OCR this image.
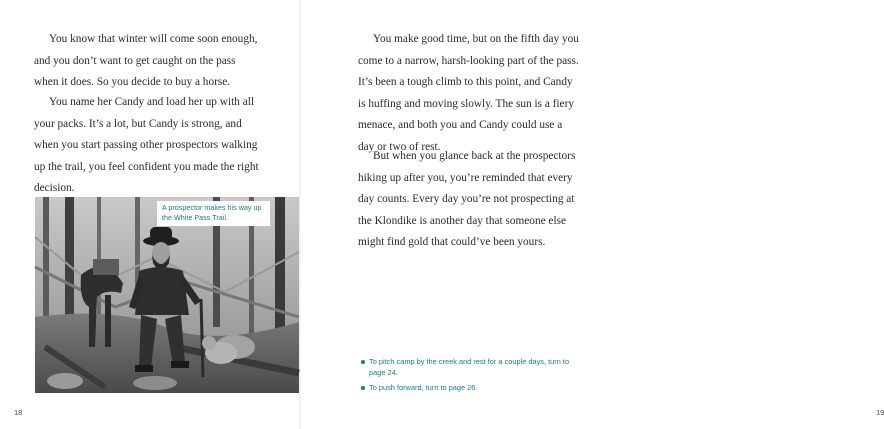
You know that winter will come soon enough, and you don’t want to get caught on the pass when it does. So you decide to buy a horse.

You name her Candy and load her up with all your packs. It’s a lot, but Candy is strong, and when you start passing other prospectors walking up the trail, you feel confident you made the right decision.

18
A prospector makes his way up the White Pass Trail.

You make good time, but on the fifth day you come to a narrow, harsh-looking part of the pass. It’s been a tough climb to this point, and Candy is huffing and moving slowly. The sun is a fiery menace, and both you and Candy could use a day or two of rest.

But when you glance back at the prospectors hiking up after you, you’re reminded that every day counts. Every day you’re not prospecting at the Klondike is another day that someone else might find gold that could’ve been yours.

19
To pitch camp by the creek and rest for a couple days, turn to page 24.
To push forward, turn to page 26.
